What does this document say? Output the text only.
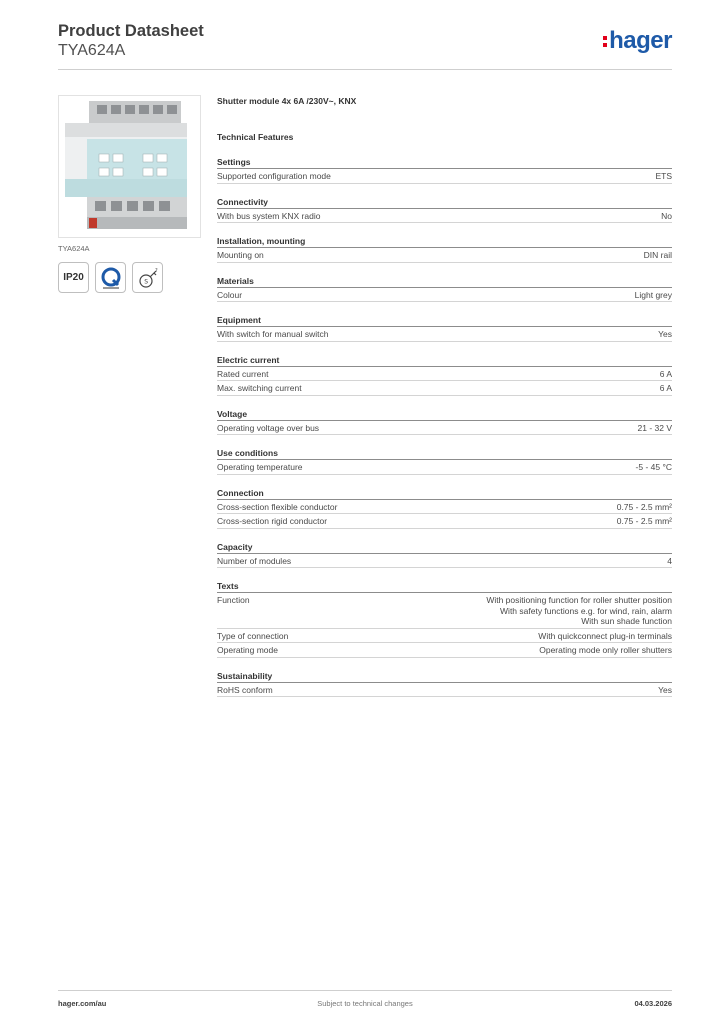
Product Datasheet
TYA624A	hager
TYA624A
IP20	S
?
Shutter module 4x 6A /230V~, KNX
Technical Features
Settings
Supported configuration mode	ETS
Connectivity
With bus system KNX radio	No
Installation, mounting
Mounting on	DIN rail
Materials
Colour	Light grey
Equipment
With switch for manual switch	Yes
Electric current
Rated current	6 A
Max. switching current	6 A
Voltage
Operating voltage over bus	21 - 32 V
Use conditions
Operating temperature	-5 - 45 °C
Connection
Cross-section flexible conductor	0.75 - 2.5 mm²
Cross-section rigid conductor	0.75 - 2.5 mm²
Capacity
Number of modules	4
Texts
Function	With positioning function for roller shutter position
With safety functions e.g. for wind, rain, alarm
With sun shade function
Type of connection	With quickconnect plug-in terminals
Operating mode	Operating mode only roller shutters
Sustainability
RoHS conform	Yes
hager.com/au	Subject to technical changes	04.03.2026
